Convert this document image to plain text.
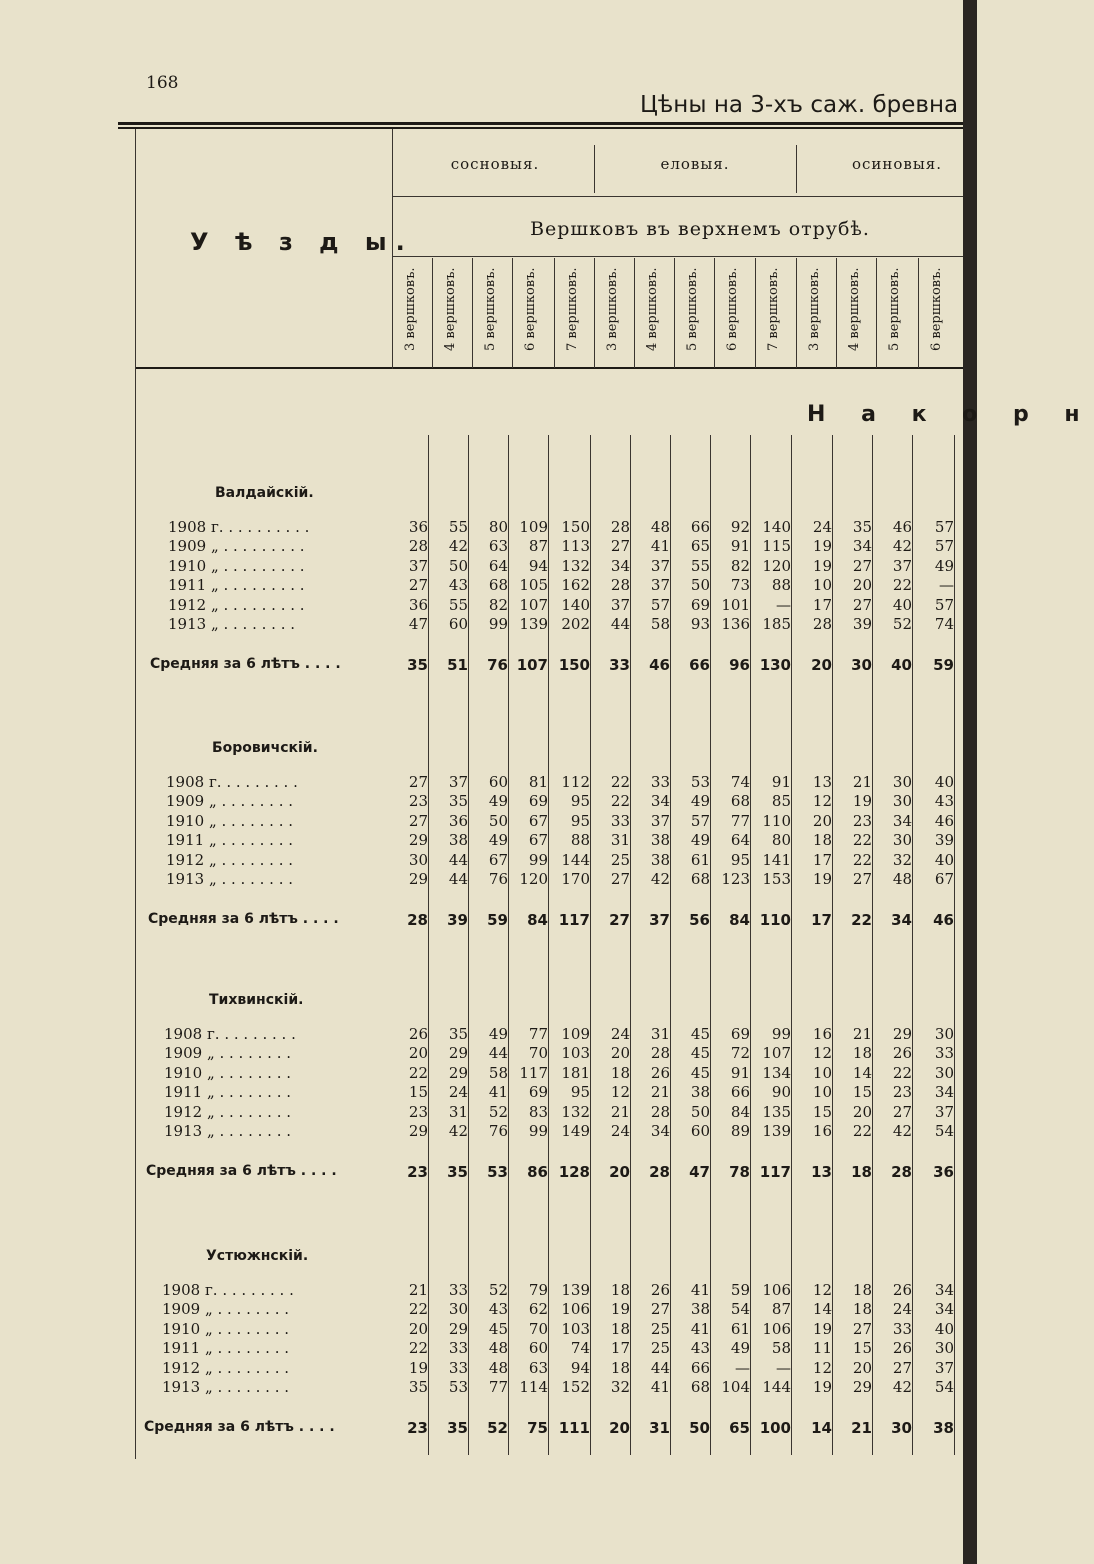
168
Цѣны на 3-хъ саж. бревна
У ѣ з д ы.
сосновыя.	еловыя.	осиновыя.
Вершковъ въ верхнемъ отрубѣ.
3 вершковъ. 4 вершковъ. 5 вершковъ. 6 вершковъ. 7 вершковъ. 3 вершковъ. 4 вершковъ. 5 вершковъ. 6 вершковъ. 7 вершковъ. 3 вершковъ. 4 вершковъ. 5 вершковъ. 6 вершковъ.
Н а к о р н
Валдайскій.
1908 г. . . . . . . . . .	36	55	80 109 150	28	48	66	92 140	24	35	46	57
1909 „ . . . . . . . . .	28	42	63	87 113	27	41	65	91 115	19	34	42	57
1910 „ . . . . . . . . .	37	50	64	94 132	34	37	55	82 120	19	27	37	49
1911 „ . . . . . . . . .	27	43	68 105 162	28	37	50	73	88	10	20	22	—
1912 „ . . . . . . . . .	36	55	82 107 140	37	57	69 101	—	17	27	40	57
1913 „ . . . . . . . .	47	60	99 139 202	44	58	93 136 185	28	39	52	74
Средняя за 6 лѣтъ . . . .	35	51	76 107 150	33	46	66	96 130	20	30	40	59
Боровичскій.
1908 г. . . . . . . . .	27	37	60	81 112	22	33	53	74	91	13	21	30	40
1909 „ . . . . . . . .	23	35	49	69	95	22	34	49	68	85	12	19	30	43
1910 „ . . . . . . . .	27	36	50	67	95	33	37	57	77 110	20	23	34	46
1911 „ . . . . . . . .	29	38	49	67	88	31	38	49	64	80	18	22	30	39
1912 „ . . . . . . . .	30	44	67	99 144	25	38	61	95 141	17	22	32	40
1913 „ . . . . . . . .	29	44	76 120 170	27	42	68 123 153	19	27	48	67
Средняя за 6 лѣтъ . . . .	28	39	59	84 117	27	37	56	84 110	17	22	34	46
Тихвинскій.
1908 г. . . . . . . . .	26	35	49	77 109	24	31	45	69	99	16	21	29	30
1909 „ . . . . . . . .	20	29	44	70 103	20	28	45	72 107	12	18	26	33
1910 „ . . . . . . . .	22	29	58 117 181	18	26	45	91 134	10	14	22	30
1911 „ . . . . . . . .	15	24	41	69	95	12	21	38	66	90	10	15	23	34
1912 „ . . . . . . . .	23	31	52	83 132	21	28	50	84 135	15	20	27	37
1913 „ . . . . . . . .	29	42	76	99 149	24	34	60	89 139	16	22	42	54
Средняя за 6 лѣтъ . . . .	23	35	53	86 128	20	28	47	78 117	13	18	28	36
Устюжнскій.
1908 г. . . . . . . . .	21	33	52	79 139	18	26	41	59 106	12	18	26	34
1909 „ . . . . . . . .	22	30	43	62 106	19	27	38	54	87	14	18	24	34
1910 „ . . . . . . . .	20	29	45	70 103	18	25	41	61 106	19	27	33	40
1911 „ . . . . . . . .	22	33	48	60	74	17	25	43	49	58	11	15	26	30
1912 „ . . . . . . . .	19	33	48	63	94	18	44	66	—	—	12	20	27	37
1913 „ . . . . . . . .	35	53	77 114 152	32	41	68 104 144	19	29	42	54
Средняя за 6 лѣтъ . . . .	23	35	52	75 111	20	31	50	65 100	14	21	30	38
